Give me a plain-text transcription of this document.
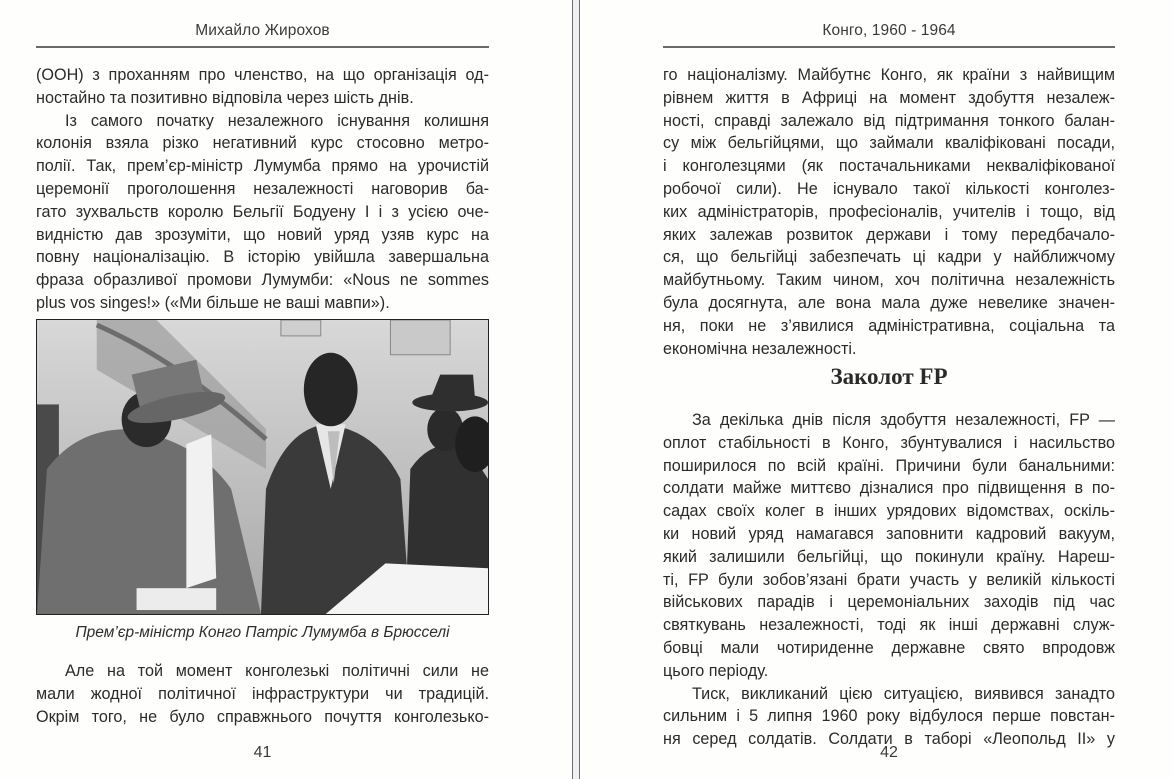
Михайло Жирохов
(ООН) з проханням про членство, на що організація од-
ностайно та позитивно відповіла через шість днів.
Із самого початку незалежного існування колишня
колонія взяла різко негативний курс стосовно метро-
полії. Так, прем’єр-міністр Лумумба прямо на урочистій
церемонії проголошення незалежності наговорив ба-
гато зухвальств королю Бельгії Бодуену I і з усією оче-
видністю дав зрозуміти, що новий уряд узяв курс на
повну націоналізацію. В історію увійшла завершальна
фраза образливої промови Лумумби: «Nous ne sommes
plus vos singes!» («Ми більше не ваші мавпи»).
Прем’єр-міністр Конго Патріс Лумумба в Брюсселі
Але на той момент конголезькі політичні сили не
мали жодної політичної інфраструктури чи традицій.
Окрім того, не було справжнього почуття конголезько-
41
Конго, 1960 - 1964
го націоналізму. Майбутнє Конго, як країни з найвищим
рівнем життя в Африці на момент здобуття незалеж-
ності, справді залежало від підтримання тонкого балан-
су між бельгійцями, що займали кваліфіковані посади,
і конголезцями (як постачальниками некваліфікованої
робочої сили). Не існувало такої кількості конголез-
ких адміністраторів, професіоналів, учителів і тощо, від
яких залежав розвиток держави і тому передбачало-
ся, що бельгійці забезпечать ці кадри у найближчому
майбутньому. Таким чином, хоч політична незалежність
була досягнута, але вона мала дуже невелике значен-
ня, поки не з’явилися адміністративна, соціальна та
економічна незалежності.
Заколот FP
За декілька днів після здобуття незалежності, FP —
оплот стабільності в Конго, збунтувалися і насильство
поширилося по всій країні. Причини були банальними:
солдати майже миттєво дізналися про підвищення в по-
садах своїх колег в інших урядових відомствах, оскіль-
ки новий уряд намагався заповнити кадровий вакуум,
який залишили бельгійці, що покинули країну. Нареш-
ті, FP були зобов’язані брати участь у великій кількості
військових парадів і церемоніальних заходів під час
святкувань незалежності, тоді як інші державні служ-
бовці мали чотириденне державне свято впродовж
цього періоду.
Тиск, викликаний цією ситуацією, виявився занадто
сильним і 5 липня 1960 року відбулося перше повстан-
ня серед солдатів. Солдати в таборі «Леопольд II» у
42
